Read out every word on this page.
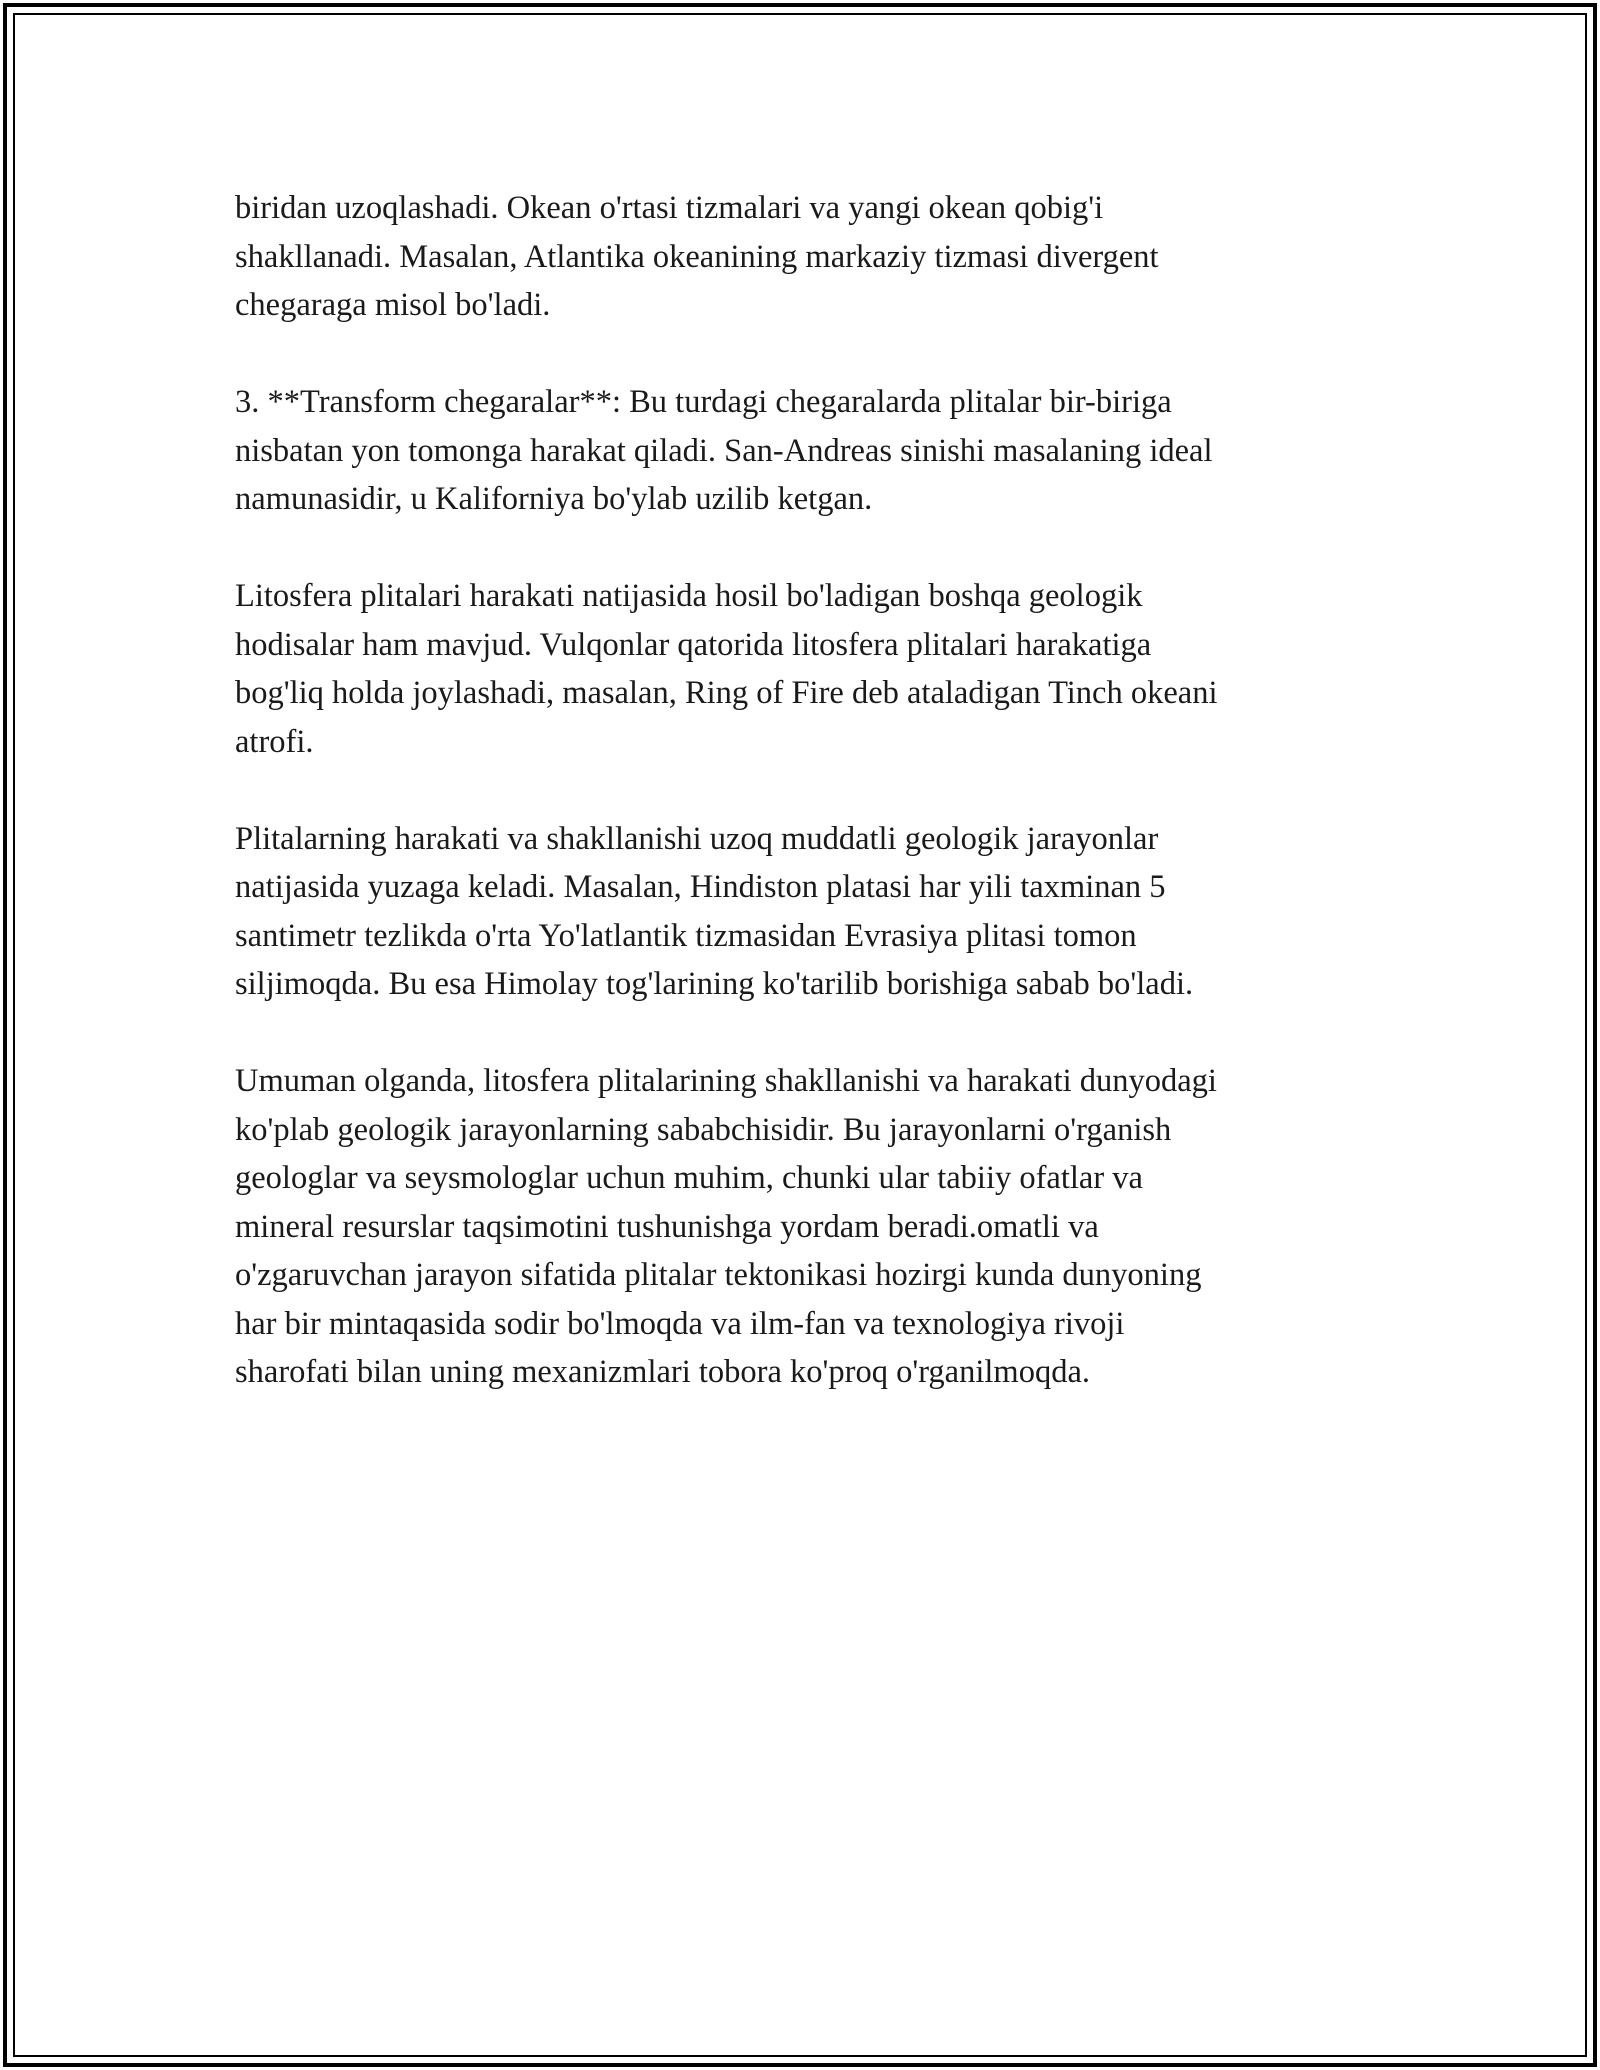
biridan uzoqlashadi. Okean o'rtasi tizmalari va yangi okean qobig'i
shakllanadi. Masalan, Atlantika okeanining markaziy tizmasi divergent
chegaraga misol bo'ladi.

3. **Transform chegaralar**: Bu turdagi chegaralarda plitalar bir-biriga
nisbatan yon tomonga harakat qiladi. San-Andreas sinishi masalaning ideal
namunasidir, u Kaliforniya bo'ylab uzilib ketgan.

Litosfera plitalari harakati natijasida hosil bo'ladigan boshqa geologik
hodisalar ham mavjud. Vulqonlar qatorida litosfera plitalari harakatiga
bog'liq holda joylashadi, masalan, Ring of Fire deb ataladigan Tinch okeani
atrofi.

Plitalarning harakati va shakllanishi uzoq muddatli geologik jarayonlar
natijasida yuzaga keladi. Masalan, Hindiston platasi har yili taxminan 5
santimetr tezlikda o'rta Yo'latlantik tizmasidan Evrasiya plitasi tomon
siljimoqda. Bu esa Himolay tog'larining ko'tarilib borishiga sabab bo'ladi.

Umuman olganda, litosfera plitalarining shakllanishi va harakati dunyodagi
ko'plab geologik jarayonlarning sababchisidir. Bu jarayonlarni o'rganish
geologlar va seysmologlar uchun muhim, chunki ular tabiiy ofatlar va
mineral resurslar taqsimotini tushunishga yordam beradi.omatli va
o'zgaruvchan jarayon sifatida plitalar tektonikasi hozirgi kunda dunyoning
har bir mintaqasida sodir bo'lmoqda va ilm-fan va texnologiya rivoji
sharofati bilan uning mexanizmlari tobora ko'proq o'rganilmoqda.
